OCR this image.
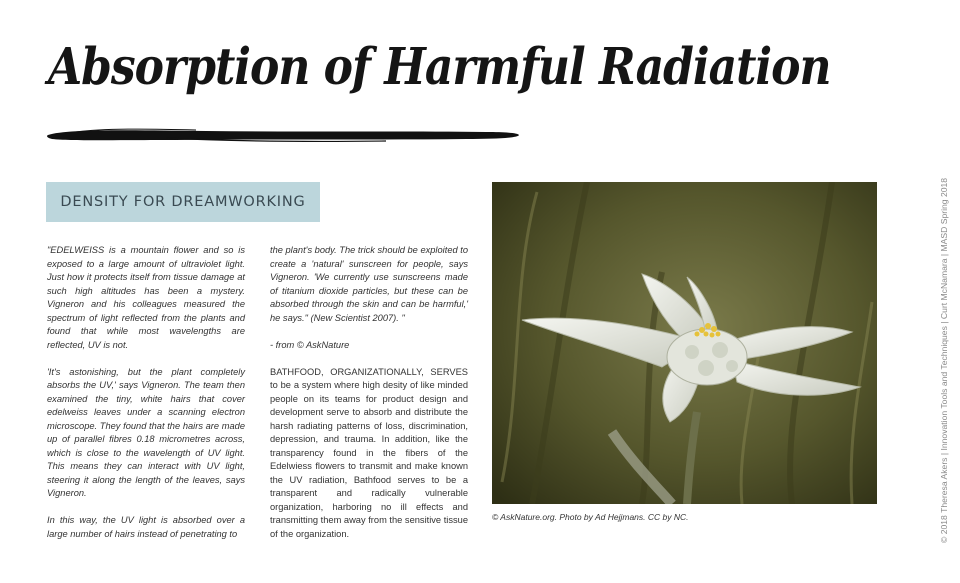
Absorption of Harmful Radiation
DENSITY FOR DREAMWORKING

"EDELWEISS is a mountain flower and so is exposed to a large amount of ultraviolet light. Just how it protects itself from tissue damage at such high altitudes has been a mystery. Vigneron and his colleagues measured the spectrum of light reflected from the plants and found that while most wavelengths are reflected, UV is not.

'It's astonishing, but the plant completely absorbs the UV,' says Vigneron. The team then examined the tiny, white hairs that cover edelweiss leaves under a scanning electron microscope. They found that the hairs are made up of parallel fibres 0.18 micrometres across, which is close to the wavelength of UV light. This means they can interact with UV light, steering it along the length of the leaves, says Vigneron.

In this way, the UV light is absorbed over a large number of hairs instead of penetrating to

the plant's body. The trick should be exploited to create a 'natural' sunscreen for people, says Vigneron. 'We currently use sunscreens made of titanium dioxide particles, but these can be absorbed through the skin and can be harmful,' he says." (New Scientist 2007). "

- from © AskNature

BATHFOOD, ORGANIZATIONALLY, SERVES to be a system where high desity of like minded people on its teams for product design and development serve to absorb and distribute the harsh radiating patterns of loss, discrimination, depression, and trauma. In addition, like the transparency found in the fibers of the Edelwiess flowers to transmit and make known the UV radiation, Bathfood serves to be a transparent and radically vulnerable organization, harboring no ill effects and transmitting them away from the sensitive tissue of the organization.

© AskNature.org. Photo by Ad Hejjmans. CC by NC.	© 2018 Theresa Akers | Innovation Tools and Techniques | Curt McNamara | MASD Spring 2018
